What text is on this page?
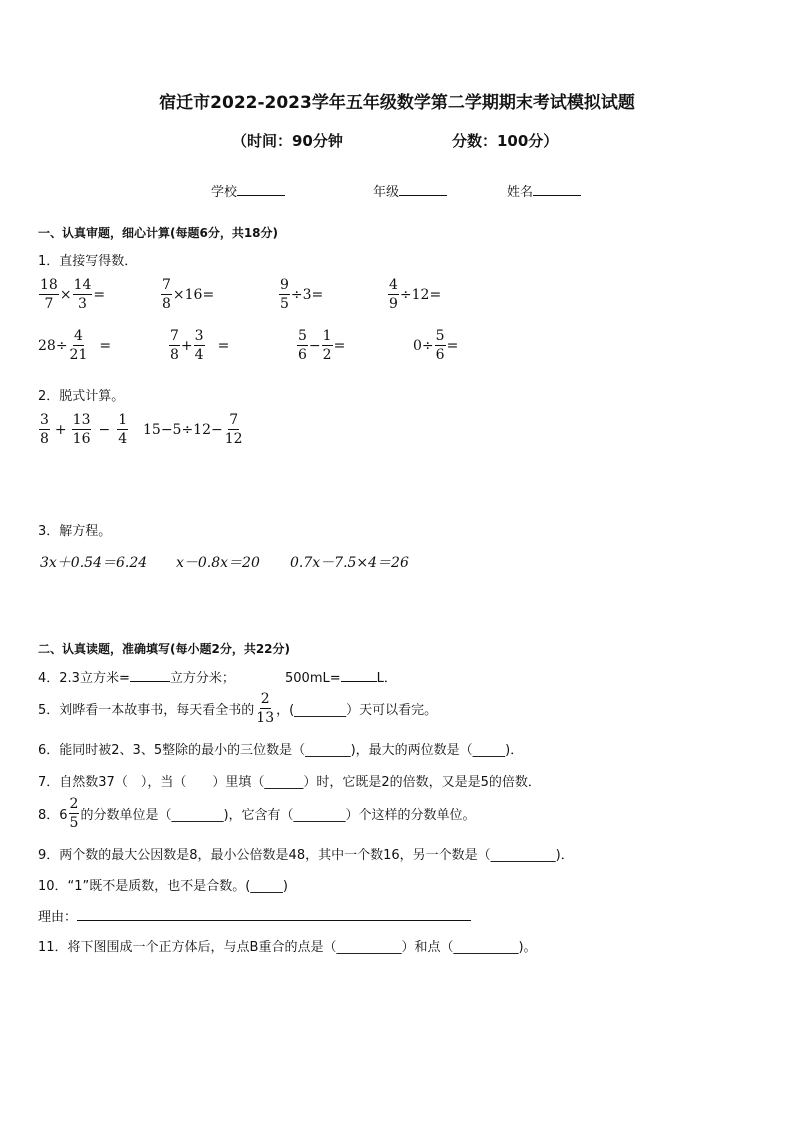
宿迁市2022-2023学年五年级数学第二学期期末考试模拟试题
（时间：90分钟	分数：100分）
学校	年级	姓名
一、认真审题，细心计算(每题6分，共18分)
1．直接写得数．
$\frac{18}{7} \times \frac{14}{3}$ =	$\frac{7}{8} \times 16=$	$\frac{9}{5} \div 3=$	$\frac{4}{9} \div 12=$
$28\div \frac{4}{21}$ =	$\frac{7}{8} + \frac{3}{4}$ =	$\frac{5}{6} - \frac{1}{2}$ =	$0\div \frac{5}{6}$ =
2．脱式计算。
$\frac{3}{8} + \frac{13}{16} - \frac{1}{4} 15-5\div 12- \frac{7}{12}$
3．解方程。
3x＋0.54＝6.24 x－0.8x＝20 0.7x－7.5×4＝26
二、认真读题，准确填写(每小题2分，共22分)
4．2.3立方米=	立方分米；	500mL=	L．
5．刘晔看一本故事书，每天看全书的 $\frac{2}{13}$ ，(________）天可以看完。
6．能同时被2、3、5整除的最小的三位数是（_______)，最大的两位数是（_____)．
7．自然数37（　），当（　　）里填（______）时，它既是2的倍数，又是是5的倍数．
8．$6 \frac{2}{5}$ 的分数单位是（________)，它含有（________）个这样的分数单位。
9．两个数的最大公因数是8，最小公倍数是48，其中一个数16，另一个数是（__________)．
10．“1”既不是质数，也不是合数。(_____)
理由：
11．将下图围成一个正方体后，与点B重合的点是（__________）和点（__________)。
